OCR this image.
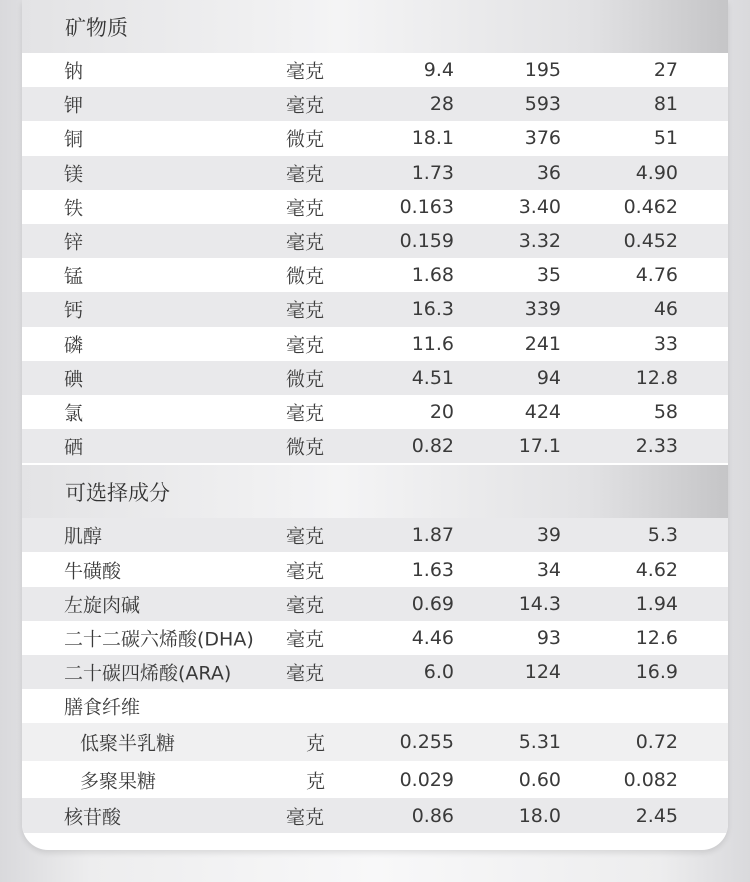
矿物质
钠	毫克	9.4	195	27
钾	毫克	28	593	81
铜	微克	18.1	376	51
镁	毫克	1.73	36	4.90
铁	毫克	0.163	3.40	0.462
锌	毫克	0.159	3.32	0.452
锰	微克	1.68	35	4.76
钙	毫克	16.3	339	46
磷	毫克	11.6	241	33
碘	微克	4.51	94	12.8
氯	毫克	20	424	58
硒	微克	0.82	17.1	2.33
可选择成分
肌醇	毫克	1.87	39	5.3
牛磺酸	毫克	1.63	34	4.62
左旋肉碱	毫克	0.69	14.3	1.94
二十二碳六烯酸(DHA) 毫克	4.46	93	12.6
二十碳四烯酸(ARA)	毫克	6.0	124	16.9
膳食纤维
低聚半乳糖	克	0.255	5.31	0.72
多聚果糖	克	0.029	0.60	0.082
核苷酸	毫克	0.86	18.0	2.45
